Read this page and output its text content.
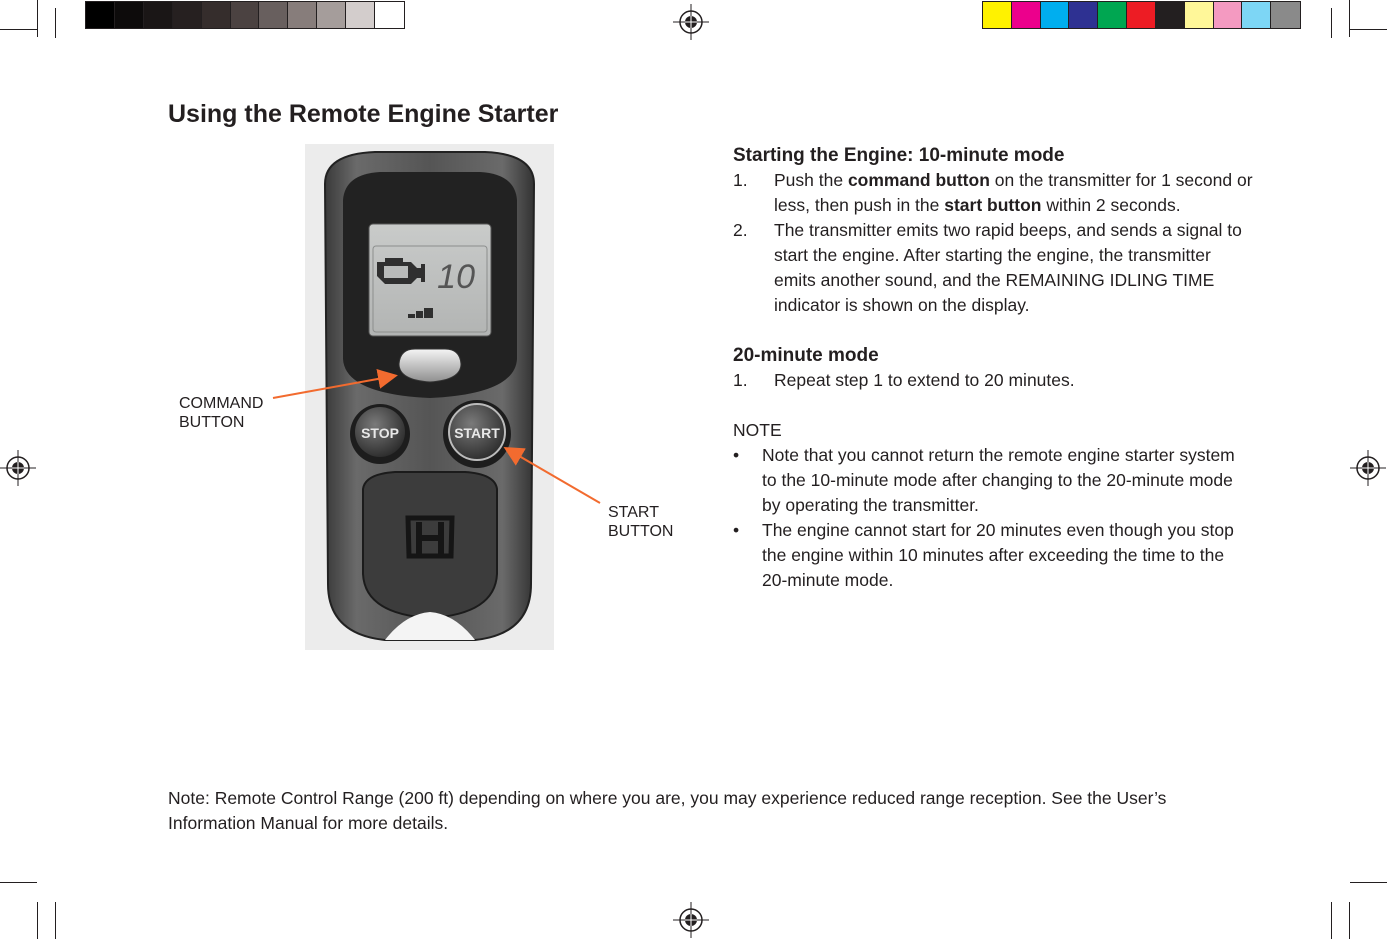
Using the Remote Engine Starter
10
STOP	START
COMMAND
BUTTON
START
BUTTON
Starting the Engine: 10-minute mode
1.	Push the command button on the transmitter for 1 second or less, then push in the start button within 2 seconds.
2.	The transmitter emits two rapid beeps, and sends a signal to start the engine. After starting the engine, the transmitter emits another sound, and the REMAINING IDLING TIME indicator is shown on the display.
20-minute mode
1.	Repeat step 1 to extend to 20 minutes.
NOTE
•	Note that you cannot return the remote engine starter system to the 10-minute mode after changing to the 20-minute mode by operating the transmitter.
•	The engine cannot start for 20 minutes even though you stop the engine within 10 minutes after exceeding the time to the 20-minute mode.
Note: Remote Control Range (200 ft) depending on where you are, you may experience reduced range reception. See the User’s Information Manual for more details.
